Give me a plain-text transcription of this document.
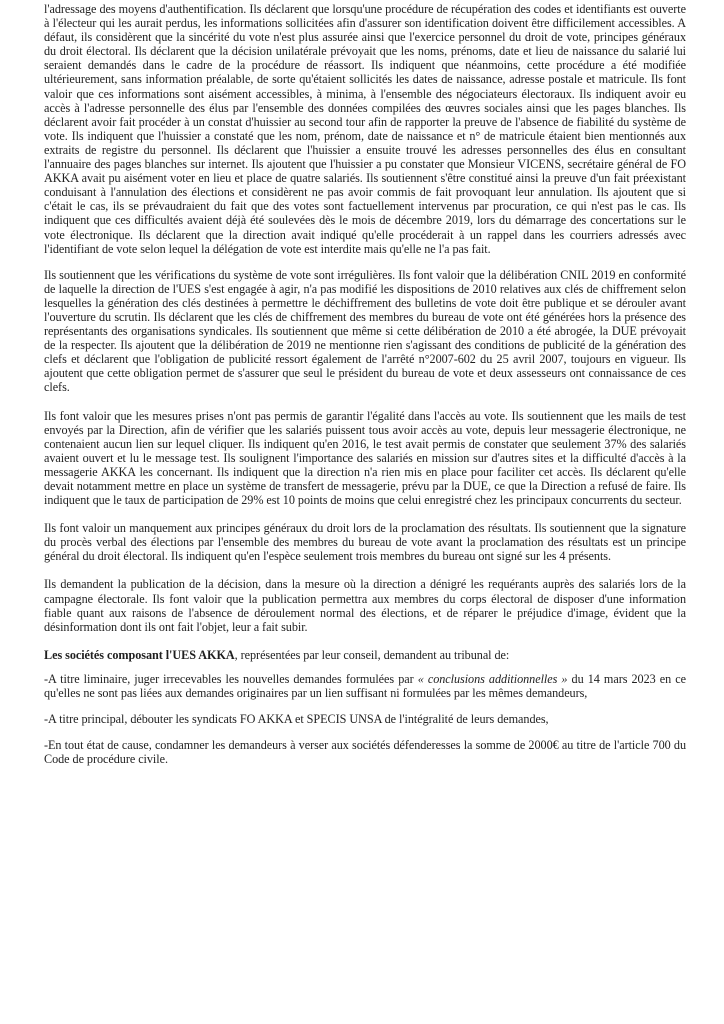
l'adressage des moyens d'authentification. Ils déclarent que lorsqu'une procédure de récupération des codes et identifiants est ouverte à l'électeur qui les aurait perdus, les informations sollicitées afin d'assurer son identification doivent être difficilement accessibles. A défaut, ils considèrent que la sincérité du vote n'est plus assurée ainsi que l'exercice personnel du droit de vote, principes généraux du droit électoral. Ils déclarent que la décision unilatérale prévoyait que les noms, prénoms, date et lieu de naissance du salarié lui seraient demandés dans le cadre de la procédure de réassort. Ils indiquent que néanmoins, cette procédure a été modifiée ultérieurement, sans information préalable, de sorte qu'étaient sollicités les dates de naissance, adresse postale et matricule. Ils font valoir que ces informations sont aisément accessibles, à minima, à l'ensemble des négociateurs électoraux. Ils indiquent avoir eu accès à l'adresse personnelle des élus par l'ensemble des données compilées des œuvres sociales ainsi que les pages blanches. Ils déclarent avoir fait procéder à un constat d'huissier au second tour afin de rapporter la preuve de l'absence de fiabilité du système de vote. Ils indiquent que l'huissier a constaté que les nom, prénom, date de naissance et n° de matricule étaient bien mentionnés aux extraits de registre du personnel. Ils déclarent que l'huissier a ensuite trouvé les adresses personnelles des élus en consultant l'annuaire des pages blanches sur internet. Ils ajoutent que l'huissier a pu constater que Monsieur VICENS, secrétaire général de FO AKKA avait pu aisément voter en lieu et place de quatre salariés. Ils soutiennent s'être constitué ainsi la preuve d'un fait préexistant conduisant à l'annulation des élections et considèrent ne pas avoir commis de fait provoquant leur annulation. Ils ajoutent que si c'était le cas, ils se prévaudraient du fait que des votes sont factuellement intervenus par procuration, ce qui n'est pas le cas. Ils indiquent que ces difficultés avaient déjà été soulevées dès le mois de décembre 2019, lors du démarrage des concertations sur le vote électronique. Ils déclarent que la direction avait indiqué qu'elle procéderait à un rappel dans les courriers adressés avec l'identifiant de vote selon lequel la délégation de vote est interdite mais qu'elle ne l'a pas fait.

Ils soutiennent que les vérifications du système de vote sont irrégulières. Ils font valoir que la délibération CNIL 2019 en conformité de laquelle la direction de l'UES s'est engagée à agir, n'a pas modifié les dispositions de 2010 relatives aux clés de chiffrement selon lesquelles la génération des clés destinées à permettre le déchiffrement des bulletins de vote doit être publique et se dérouler avant l'ouverture du scrutin. Ils déclarent que les clés de chiffrement des membres du bureau de vote ont été générées hors la présence des représentants des organisations syndicales. Ils soutiennent que même si cette délibération de 2010 a été abrogée, la DUE prévoyait de la respecter. Ils ajoutent que la délibération de 2019 ne mentionne rien s'agissant des conditions de publicité de la génération des clefs et déclarent que l'obligation de publicité ressort également de l'arrêté n°2007-602 du 25 avril 2007, toujours en vigueur. Ils ajoutent que cette obligation permet de s'assurer que seul le président du bureau de vote et deux assesseurs ont connaissance de ces clefs.

Ils font valoir que les mesures prises n'ont pas permis de garantir l'égalité dans l'accès au vote. Ils soutiennent que les mails de test envoyés par la Direction, afin de vérifier que les salariés puissent tous avoir accès au vote, depuis leur messagerie électronique, ne contenaient aucun lien sur lequel cliquer. Ils indiquent qu'en 2016, le test avait permis de constater que seulement 37% des salariés avaient ouvert et lu le message test. Ils soulignent l'importance des salariés en mission sur d'autres sites et la difficulté d'accès à la messagerie AKKA les concernant. Ils indiquent que la direction n'a rien mis en place pour faciliter cet accès. Ils déclarent qu'elle devait notamment mettre en place un système de transfert de messagerie, prévu par la DUE, ce que la Direction a refusé de faire. Ils indiquent que le taux de participation de 29% est 10 points de moins que celui enregistré chez les principaux concurrents du secteur.

Ils font valoir un manquement aux principes généraux du droit lors de la proclamation des résultats. Ils soutiennent que la signature du procès verbal des élections par l'ensemble des membres du bureau de vote avant la proclamation des résultats est un principe général du droit électoral. Ils indiquent qu'en l'espèce seulement trois membres du bureau ont signé sur les 4 présents.

Ils demandent la publication de la décision, dans la mesure où la direction a dénigré les requérants auprès des salariés lors de la campagne électorale. Ils font valoir que la publication permettra aux membres du corps électoral de disposer d'une information fiable quant aux raisons de l'absence de déroulement normal des élections, et de réparer le préjudice d'image, évident que la désinformation dont ils ont fait l'objet, leur a fait subir.

Les sociétés composant l'UES AKKA, représentées par leur conseil, demandent au tribunal de:

-A titre liminaire, juger irrecevables les nouvelles demandes formulées par « conclusions additionnelles » du 14 mars 2023 en ce qu'elles ne sont pas liées aux demandes originaires par un lien suffisant ni formulées par les mêmes demandeurs,

-A titre principal, débouter les syndicats FO AKKA et SPECIS UNSA de l'intégralité de leurs demandes,

-En tout état de cause, condamner les demandeurs à verser aux sociétés défenderesses la somme de 2000€ au titre de l'article 700 du Code de procédure civile.
